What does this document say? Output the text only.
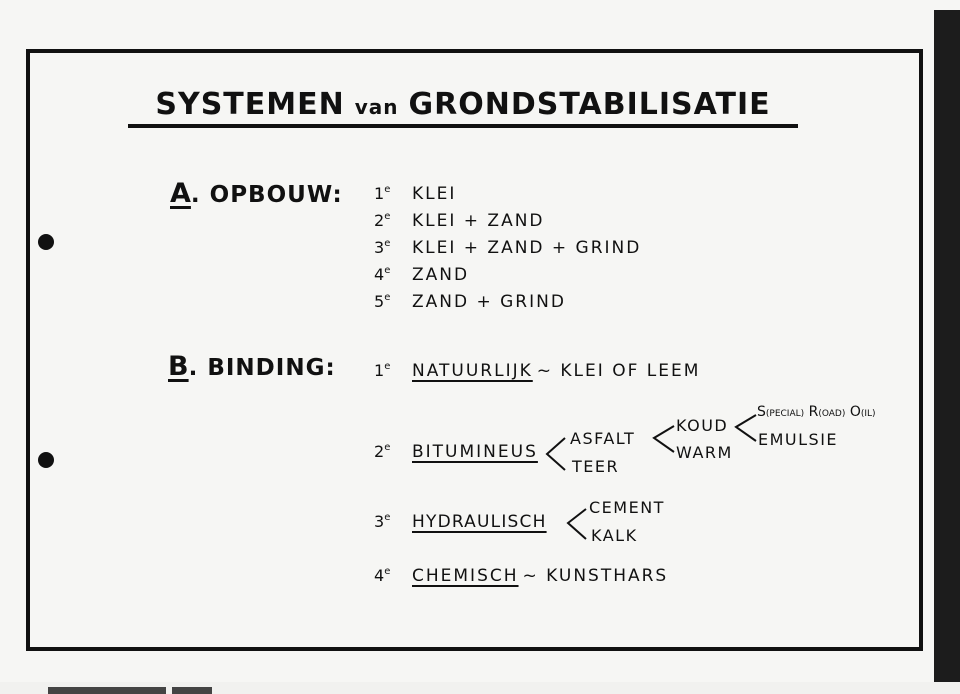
SYSTEMEN van GRONDSTABILISATIE
A. OPBOUW: 1e KLEI
2e KLEI + ZAND
3e KLEI + ZAND + GRIND
4e ZAND
5e ZAND + GRIND
B. BINDING: 1e NATUURLIJK ~ KLEI OF LEEM
2e BITUMINEUS
ASFALT
TEER
KOUD
WARM
S(PECIAL) R(OAD) O(IL)
EMULSIE
3e HYDRAULISCH
CEMENT
KALK
4e CHEMISCH ~ KUNSTHARS
